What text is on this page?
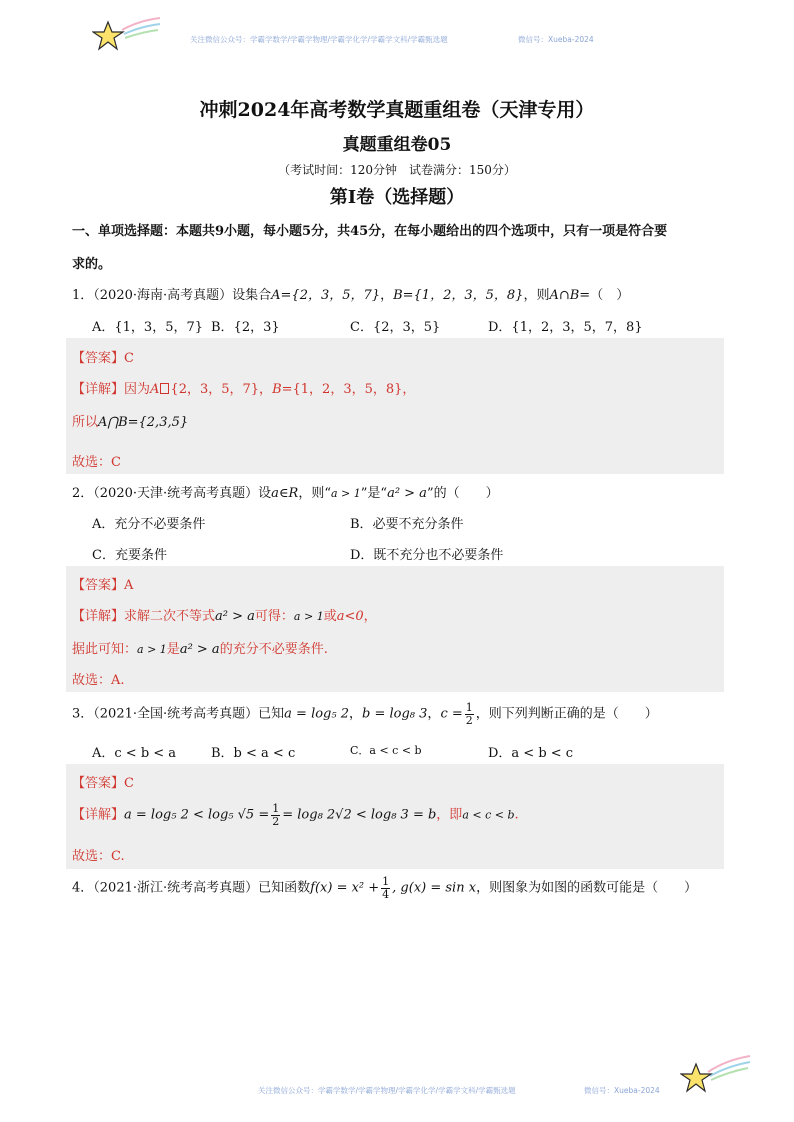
关注微信公众号：学霸学数学/学霸学物理/学霸学化学/学霸学文科/学霸甄选题	微信号：Xueba-2024
冲刺2024年高考数学真题重组卷（天津专用）
真题重组卷05
（考试时间：120分钟　试卷满分：150分）
第I卷（选择题）
一、单项选择题：本题共9小题，每小题5分，共45分，在每小题给出的四个选项中，只有一项是符合要
求的。
1．（2020·海南·高考真题）设集合A={2，3，5，7}，B={1，2，3，5，8}，则A∩B=（　）
A．{1，3，5，7} B．{2，3}	C．{2，3，5}	D．{1，2，3，5，7，8}
【答案】C
【详解】因为A {2，3，5，7}，B={1，2，3，5，8}，
所以A⋂B={2,3,5}
故选：C
2．（2020·天津·统考高考真题）设a∈R，则“a > 1”是“a² > a”的（　　）
A．充分不必要条件	B．必要不充分条件
C．充要条件	D．既不充分也不必要条件
【答案】A
【详解】求解二次不等式a² > a可得：a > 1或a<0，
据此可知：a > 1是a² > a的充分不必要条件.
故选：A.
3．（2021·全国·统考高考真题）已知a = log₅ 2，b = log₈ 3，$c = \frac{1}{2}$ ，则下列判断正确的是（　　）
A．c < b < a	B．b < a < c	C．a < c < b	D．a < b < c
【答案】C
【详解】a = log₅ 2 < log₅ $√5 = \frac{1}{2} = \log_8$ 2√2 < log₈ 3 = b，即a < c < b.
故选：C.
4．（2021·浙江·统考高考真题）已知函数$f(x) = x^2 + \frac{1}{4}$ , g(x) = sin x，则图象为如图的函数可能是（　　）
关注微信公众号：学霸学数学/学霸学物理/学霸学化学/学霸学文科/学霸甄选题	微信号：Xueba-2024
